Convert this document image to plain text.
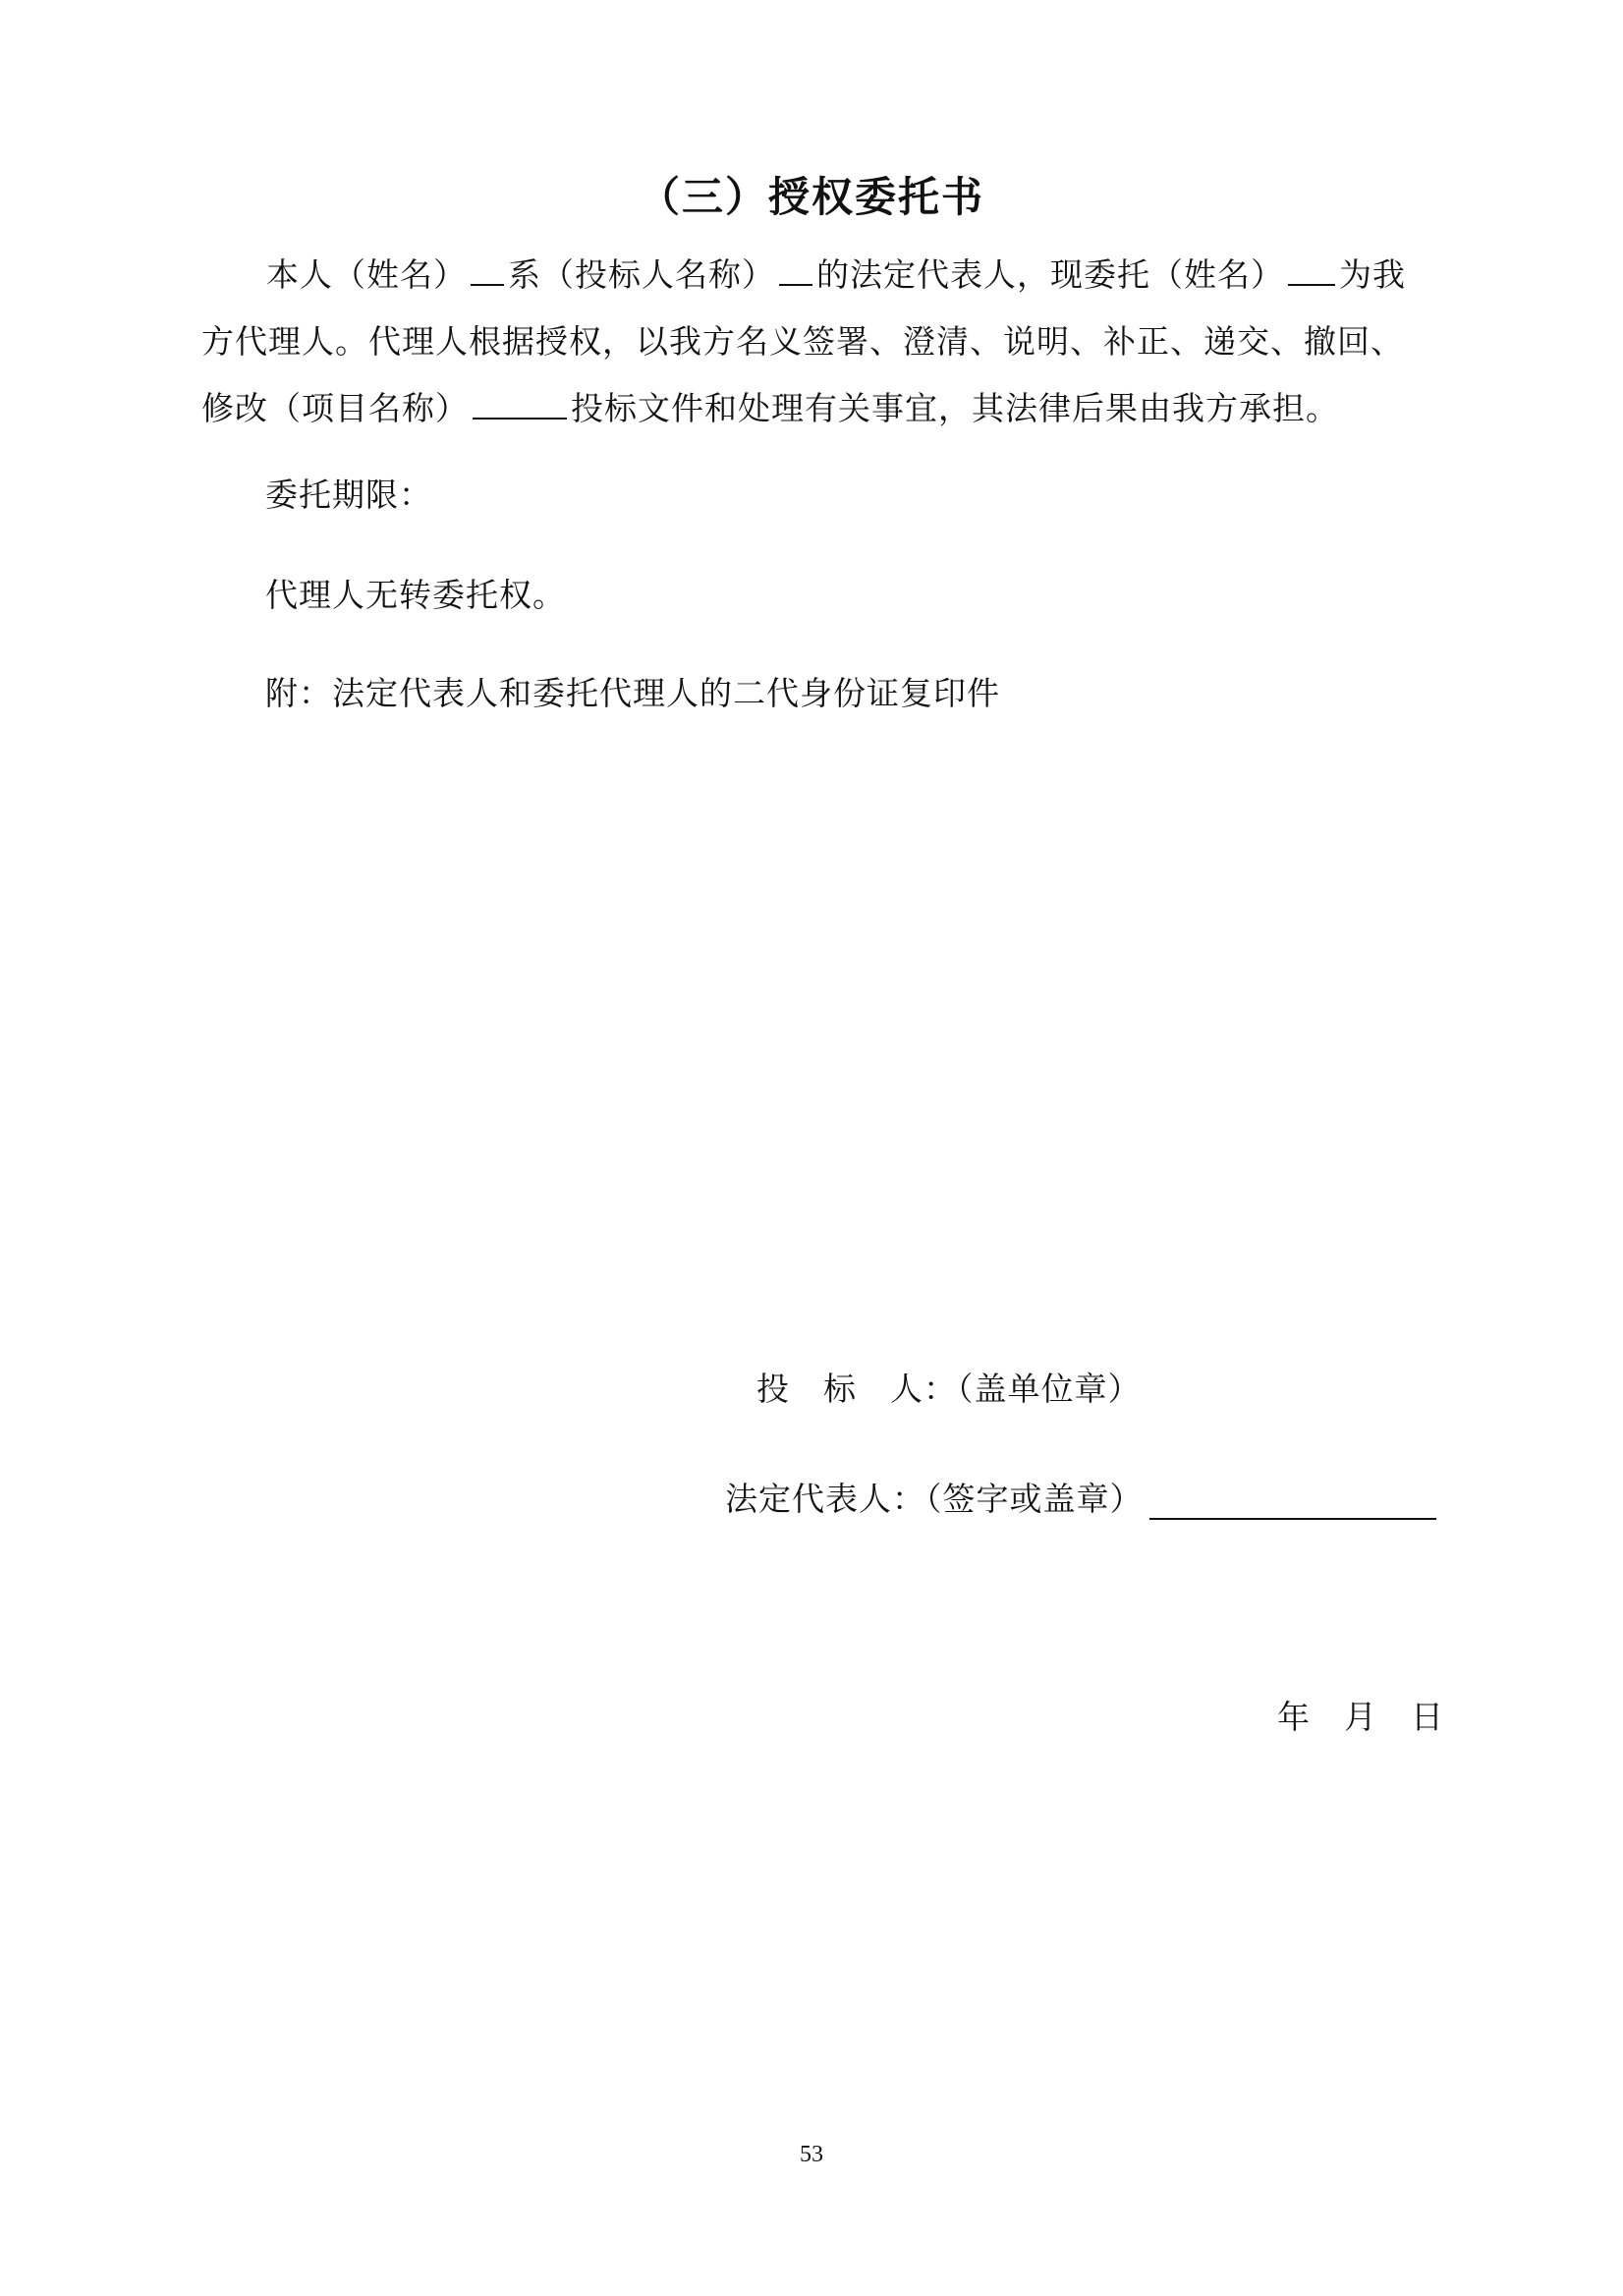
（三）授权委托书
本人（姓名） 系（投标人名称） 的法定代表人，现委托（姓名） 为我方代理人。代理人根据授权，以我方名义签署、澄清、说明、补正、递交、撤回、修改（项目名称）	投标文件和处理有关事宜，其法律后果由我方承担。
委托期限：
代理人无转委托权。
附：法定代表人和委托代理人的二代身份证复印件
投　标　人：（盖单位章）
法定代表人：（签字或盖章）
年　月　日
53
